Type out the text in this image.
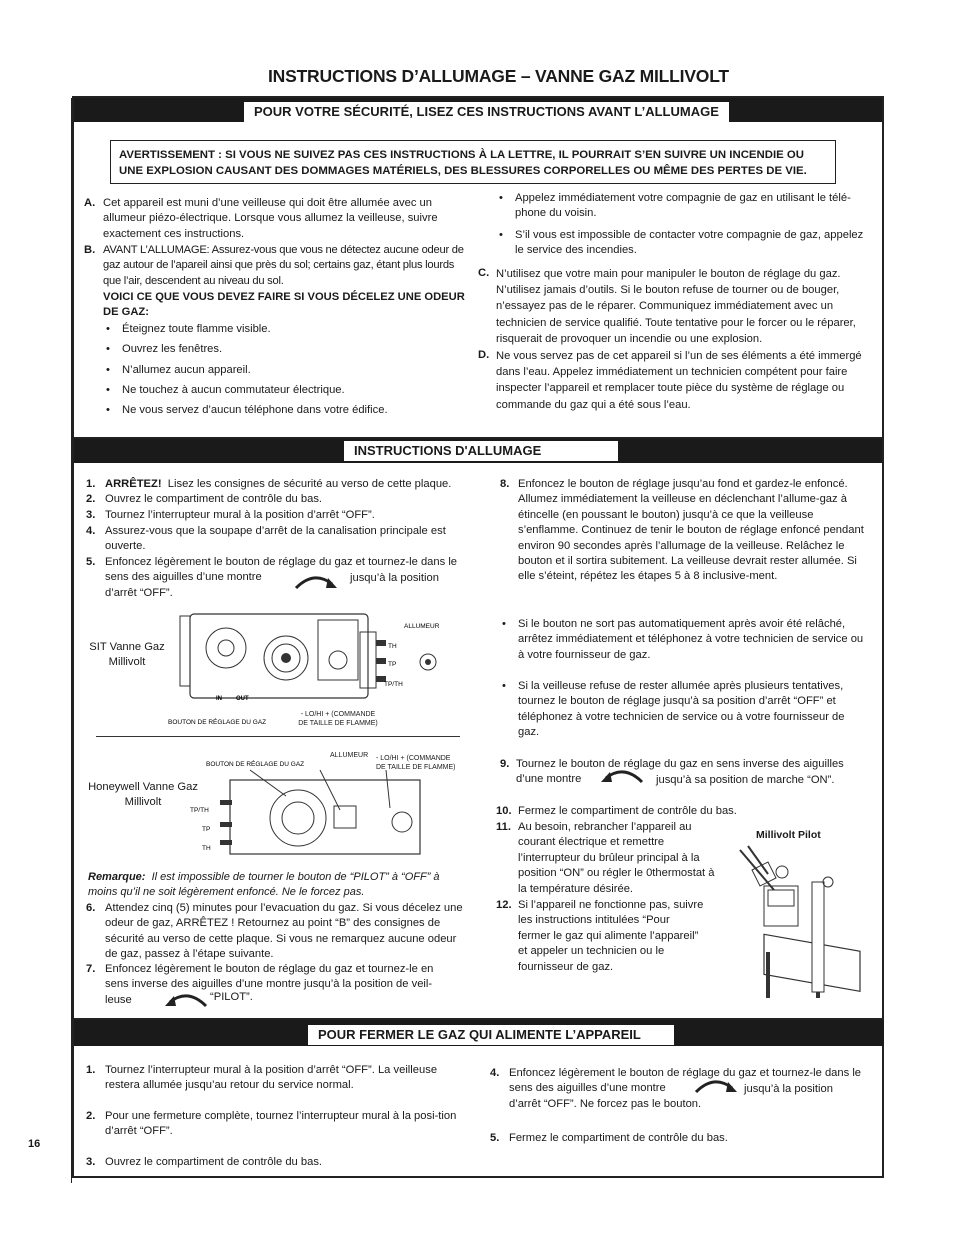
INSTRUCTIONS D’ALLUMAGE – VANNE GAZ MILLIVOLT
16
POUR VOTRE SÉCURITÉ, LISEZ CES INSTRUCTIONS AVANT L’ALLUMAGE
AVERTISSEMENT : SI VOUS NE SUIVEZ PAS CES INSTRUCTIONS À LA LETTRE, IL POURRAIT S’EN SUIVRE UN INCENDIE OU UNE EXPLOSION CAUSANT DES DOMMAGES MATÉRIELS, DES BLESSURES CORPORELLES OU MÊME DES PERTES DE VIE.
A. Cet appareil est muni d’une veilleuse qui doit être allumée avec un allumeur piézo-électrique. Lorsque vous allumez la veilleuse, suivre exactement ces instructions.
B. AVANT L’ALLUMAGE: Assurez-vous que vous ne détectez aucune odeur de gaz autour de l’apareil ainsi que près du sol; certains gaz, étant plus lourds que l’air, descendent au niveau du sol.
VOICI CE QUE VOUS DEVEZ FAIRE SI VOUS DÉCELEZ UNE ODEUR DE GAZ:
• Éteignez toute flamme visible.
• Ouvrez les fenêtres.
• N’allumez aucun appareil.
• Ne touchez à aucun commutateur électrique.
• Ne vous servez d’aucun téléphone dans votre édifice.
• Appelez immédiatement votre compagnie de gaz en utilisant le télé-phone du voisin.
• S’il vous est impossible de contacter votre compagnie de gaz, appelez le service des incendies.
C. N’utilisez que votre main pour manipuler le bouton de réglage du gaz. N’utilisez jamais d’outils. Si le bouton refuse de tourner ou de bouger, n’essayez pas de le réparer. Communiquez immédiatement avec un technicien de service qualifié. Toute tentative pour le forcer ou le réparer, risquerait de provoquer un incendie ou une explosion.
D. Ne vous servez pas de cet appareil si l’un de ses éléments a été immergé dans l’eau. Appelez immédiatement un technicien compétent pour faire inspecter l’appareil et remplacer toute pièce du système de réglage ou commande du gaz qui a été sous l’eau.
INSTRUCTIONS D'ALLUMAGE
1. ARRÊTEZ! Lisez les consignes de sécurité au verso de cette plaque.
2. Ouvrez le compartiment de contrôle du bas.
3. Tournez l’interrupteur mural à la position d’arrêt “OFF”.
4. Assurez-vous que la soupape d’arrêt de la canalisation principale est ouverte.
5. Enfoncez légèrement le bouton de réglage du gaz et tournez-le dans le sens des aiguilles d’une montre	jusqu’à la position d’arrêt “OFF”.
SIT Vanne Gaz Millivolt
IN OUT
BOUTON DE RÉGLAGE DU GAZ
TH
TP
TP/TH
ALLUMEUR
- LO/HI + (COMMANDE DE TAILLE DE FLAMME)
Honeywell Vanne Gaz Millivolt
BOUTON DE RÉGLAGE DU GAZ
TP/TH
TP
TH
ALLUMEUR - LO/HI + (COMMANDE DE TAILLE DE FLAMME)
Remarque: Il est impossible de tourner le bouton de “PILOT” à “OFF” à moins qu’il ne soit légèrement enfoncé. Ne le forcez pas.
6. Attendez cinq (5) minutes pour l’evacuation du gaz. Si vous décelez une odeur de gaz, ARRÊTEZ ! Retournez au point “B” des consignes de sécurité au verso de cette plaque. Si vous ne remarquez aucune odeur de gaz, passez à l’étape suivante.
7. Enfoncez légèrement le bouton de réglage du gaz et tournez-le en sens inverse des aiguilles d’une montre jusqu’à la position de veil-leuse	“PILOT”.
8. Enfoncez le bouton de réglage jusqu’au fond et gardez-le enfoncé. Allumez immédiatement la veilleuse en déclenchant l’allume-gaz à étincelle (en poussant le bouton) jusqu’à ce que la veilleuse s’enflamme. Continuez de tenir le bouton de réglage enfoncé pendant environ 90 secondes après l’allumage de la veilleuse. Relâchez le bouton et il sortira subitement. La veilleuse devrait rester allumée. Si elle s’éteint, répétez les étapes 5 à 8 inclusive-ment.
• Si le bouton ne sort pas automatiquement après avoir été relâché, arrêtez immédiatement et téléphonez à votre technicien de service ou à votre fournisseur de gaz.
• Si la veilleuse refuse de rester allumée après plusieurs tentatives, tournez le bouton de réglage jusqu’à sa position d’arrêt “OFF” et téléphonez à votre technicien de service ou à votre fournisseur de gaz.
9. Tournez le bouton de réglage du gaz en sens inverse des aiguilles d’une montre	jusqu’à sa position de marche “ON”.
10. Fermez le compartiment de contrôle du bas.
11. Au besoin, rebrancher l’appareil au courant électrique et remettre l’interrupteur du brûleur principal à la position “ON” ou régler le 0thermostat à la température désirée.
12. Si l’appareil ne fonctionne pas, suivre les instructions intitulées “Pour fermer le gaz qui alimente l’appareil” et appeler un technicien ou le fournisseur de gaz.
Millivolt Pilot
POUR FERMER LE GAZ QUI ALIMENTE L’APPAREIL
1. Tournez l’interrupteur mural à la position d’arrêt “OFF”. La veilleuse restera allumée jusqu’au retour du service normal.
2. Pour une fermeture complète, tournez l’interrupteur mural à la posi-tion d’arrêt “OFF”.
3. Ouvrez le compartiment de contrôle du bas.
4. Enfoncez légèrement le bouton de réglage du gaz et tournez-le dans le sens des aiguilles d’une montre	jusqu’à la position d’arrêt “OFF”. Ne forcez pas le bouton.
5. Fermez le compartiment de contrôle du bas.
